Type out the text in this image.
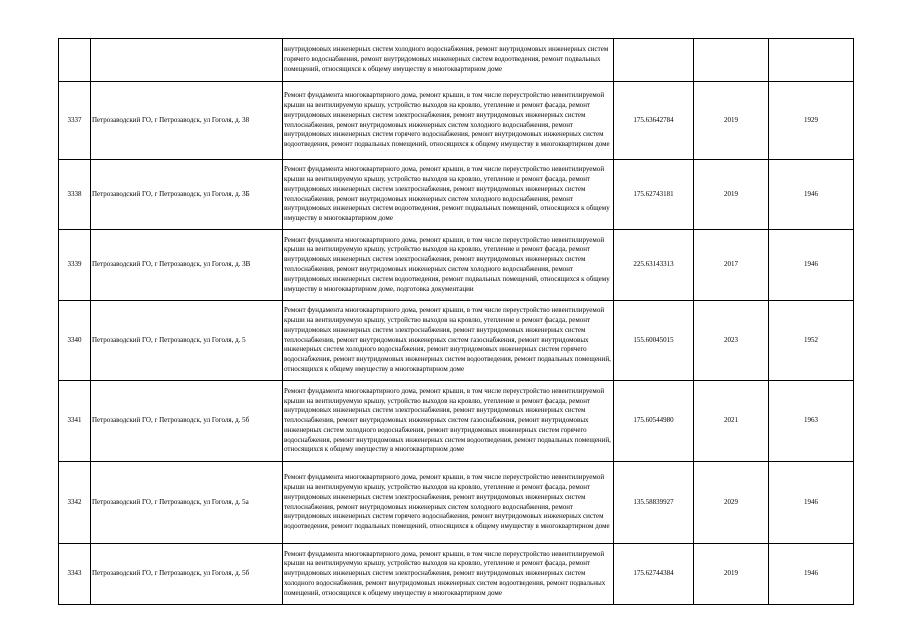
		внутридомовых инженерных систем холодного водоснабжения, ремонт внутридомовых инженерных систем горячего водоснабжения, ремонт внутридомовых инженерных систем водоотведения, ремонт подвальных помещений, относящихся к общему имуществу в многоквартирном доме			
3337	Петрозаводский ГО, г Петрозаводск, ул Гоголя, д. 38	Ремонт фундамента многоквартирного дома, ремонт крыши, в том числе переустройство невентилируемой крыши на вентилируемую крышу, устройство выходов на кровлю, утепление и ремонт фасада, ремонт внутридомовых инженерных систем электроснабжения, ремонт внутридомовых инженерных систем теплоснабжения, ремонт внутридомовых инженерных систем холодного водоснабжения, ремонт внутридомовых инженерных систем горячего водоснабжения, ремонт внутридомовых инженерных систем водоотведения, ремонт подвальных помещений, относящихся к общему имуществу в многоквартирном доме	175.63642784	2019	1929
3338	Петрозаводский ГО, г Петрозаводск, ул Гоголя, д. 3Б	Ремонт фундамента многоквартирного дома, ремонт крыши, в том числе переустройство невентилируемой крыши на вентилируемую крышу, устройство выходов на кровлю, утепление и ремонт фасада, ремонт внутридомовых инженерных систем электроснабжения, ремонт внутридомовых инженерных систем теплоснабжения, ремонт внутридомовых инженерных систем холодного водоснабжения, ремонт внутридомовых инженерных систем водоотведения, ремонт подвальных помещений, относящихся к общему имуществу в многоквартирном доме	175.62743181	2019	1946
3339	Петрозаводский ГО, г Петрозаводск, ул Гоголя, д. 3В	Ремонт фундамента многоквартирного дома, ремонт крыши, в том числе переустройство невентилируемой крыши на вентилируемую крышу, устройство выходов на кровлю, утепление и ремонт фасада, ремонт внутридомовых инженерных систем электроснабжения, ремонт внутридомовых инженерных систем теплоснабжения, ремонт внутридомовых инженерных систем холодного водоснабжения, ремонт внутридомовых инженерных систем водоотведения, ремонт подвальных помещений, относящихся к общему имуществу в многоквартирном доме, подготовка документации	225.63143313	2017	1946
3340	Петрозаводский ГО, г Петрозаводск, ул Гоголя, д. 5	Ремонт фундамента многоквартирного дома, ремонт крыши, в том числе переустройство невентилируемой крыши на вентилируемую крышу, устройство выходов на кровлю, утепление и ремонт фасада, ремонт внутридомовых инженерных систем электроснабжения, ремонт внутридомовых инженерных систем теплоснабжения, ремонт внутридомовых инженерных систем газоснабжения, ремонт внутридомовых инженерных систем холодного водоснабжения, ремонт внутридомовых инженерных систем горячего водоснабжения, ремонт внутридомовых инженерных систем водоотведения, ремонт подвальных помещений, относящихся к общему имуществу в многоквартирном доме	155.60045015	2023	1952
3341	Петрозаводский ГО, г Петрозаводск, ул Гоголя, д. 5б	Ремонт фундамента многоквартирного дома, ремонт крыши, в том числе переустройство невентилируемой крыши на вентилируемую крышу, устройство выходов на кровлю, утепление и ремонт фасада, ремонт внутридомовых инженерных систем электроснабжения, ремонт внутридомовых инженерных систем теплоснабжения, ремонт внутридомовых инженерных систем газоснабжения, ремонт внутридомовых инженерных систем холодного водоснабжения, ремонт внутридомовых инженерных систем горячего водоснабжения, ремонт внутридомовых инженерных систем водоотведения, ремонт подвальных помещений, относящихся к общему имуществу в многоквартирном доме	175.60544980	2021	1963
3342	Петрозаводский ГО, г Петрозаводск, ул Гоголя, д. 5а	Ремонт фундамента многоквартирного дома, ремонт крыши, в том числе переустройство невентилируемой крыши на вентилируемую крышу, устройство выходов на кровлю, утепление и ремонт фасада, ремонт внутридомовых инженерных систем электроснабжения, ремонт внутридомовых инженерных систем теплоснабжения, ремонт внутридомовых инженерных систем холодного водоснабжения, ремонт внутридомовых инженерных систем горячего водоснабжения, ремонт внутридомовых инженерных систем водоотведения, ремонт подвальных помещений, относящихся к общему имуществу в многоквартирном доме	135.58839927	2029	1946
3343	Петрозаводский ГО, г Петрозаводск, ул Гоголя, д. 5б	Ремонт фундамента многоквартирного дома, ремонт крыши, в том числе переустройство невентилируемой крыши на вентилируемую крышу, устройство выходов на кровлю, утепление и ремонт фасада, ремонт внутридомовых инженерных систем электроснабжения, ремонт внутридомовых инженерных систем холодного водоснабжения, ремонт внутридомовых инженерных систем водоотведения, ремонт подвальных помещений, относящихся к общему имуществу в многоквартирном доме	175.62744384	2019	1946
